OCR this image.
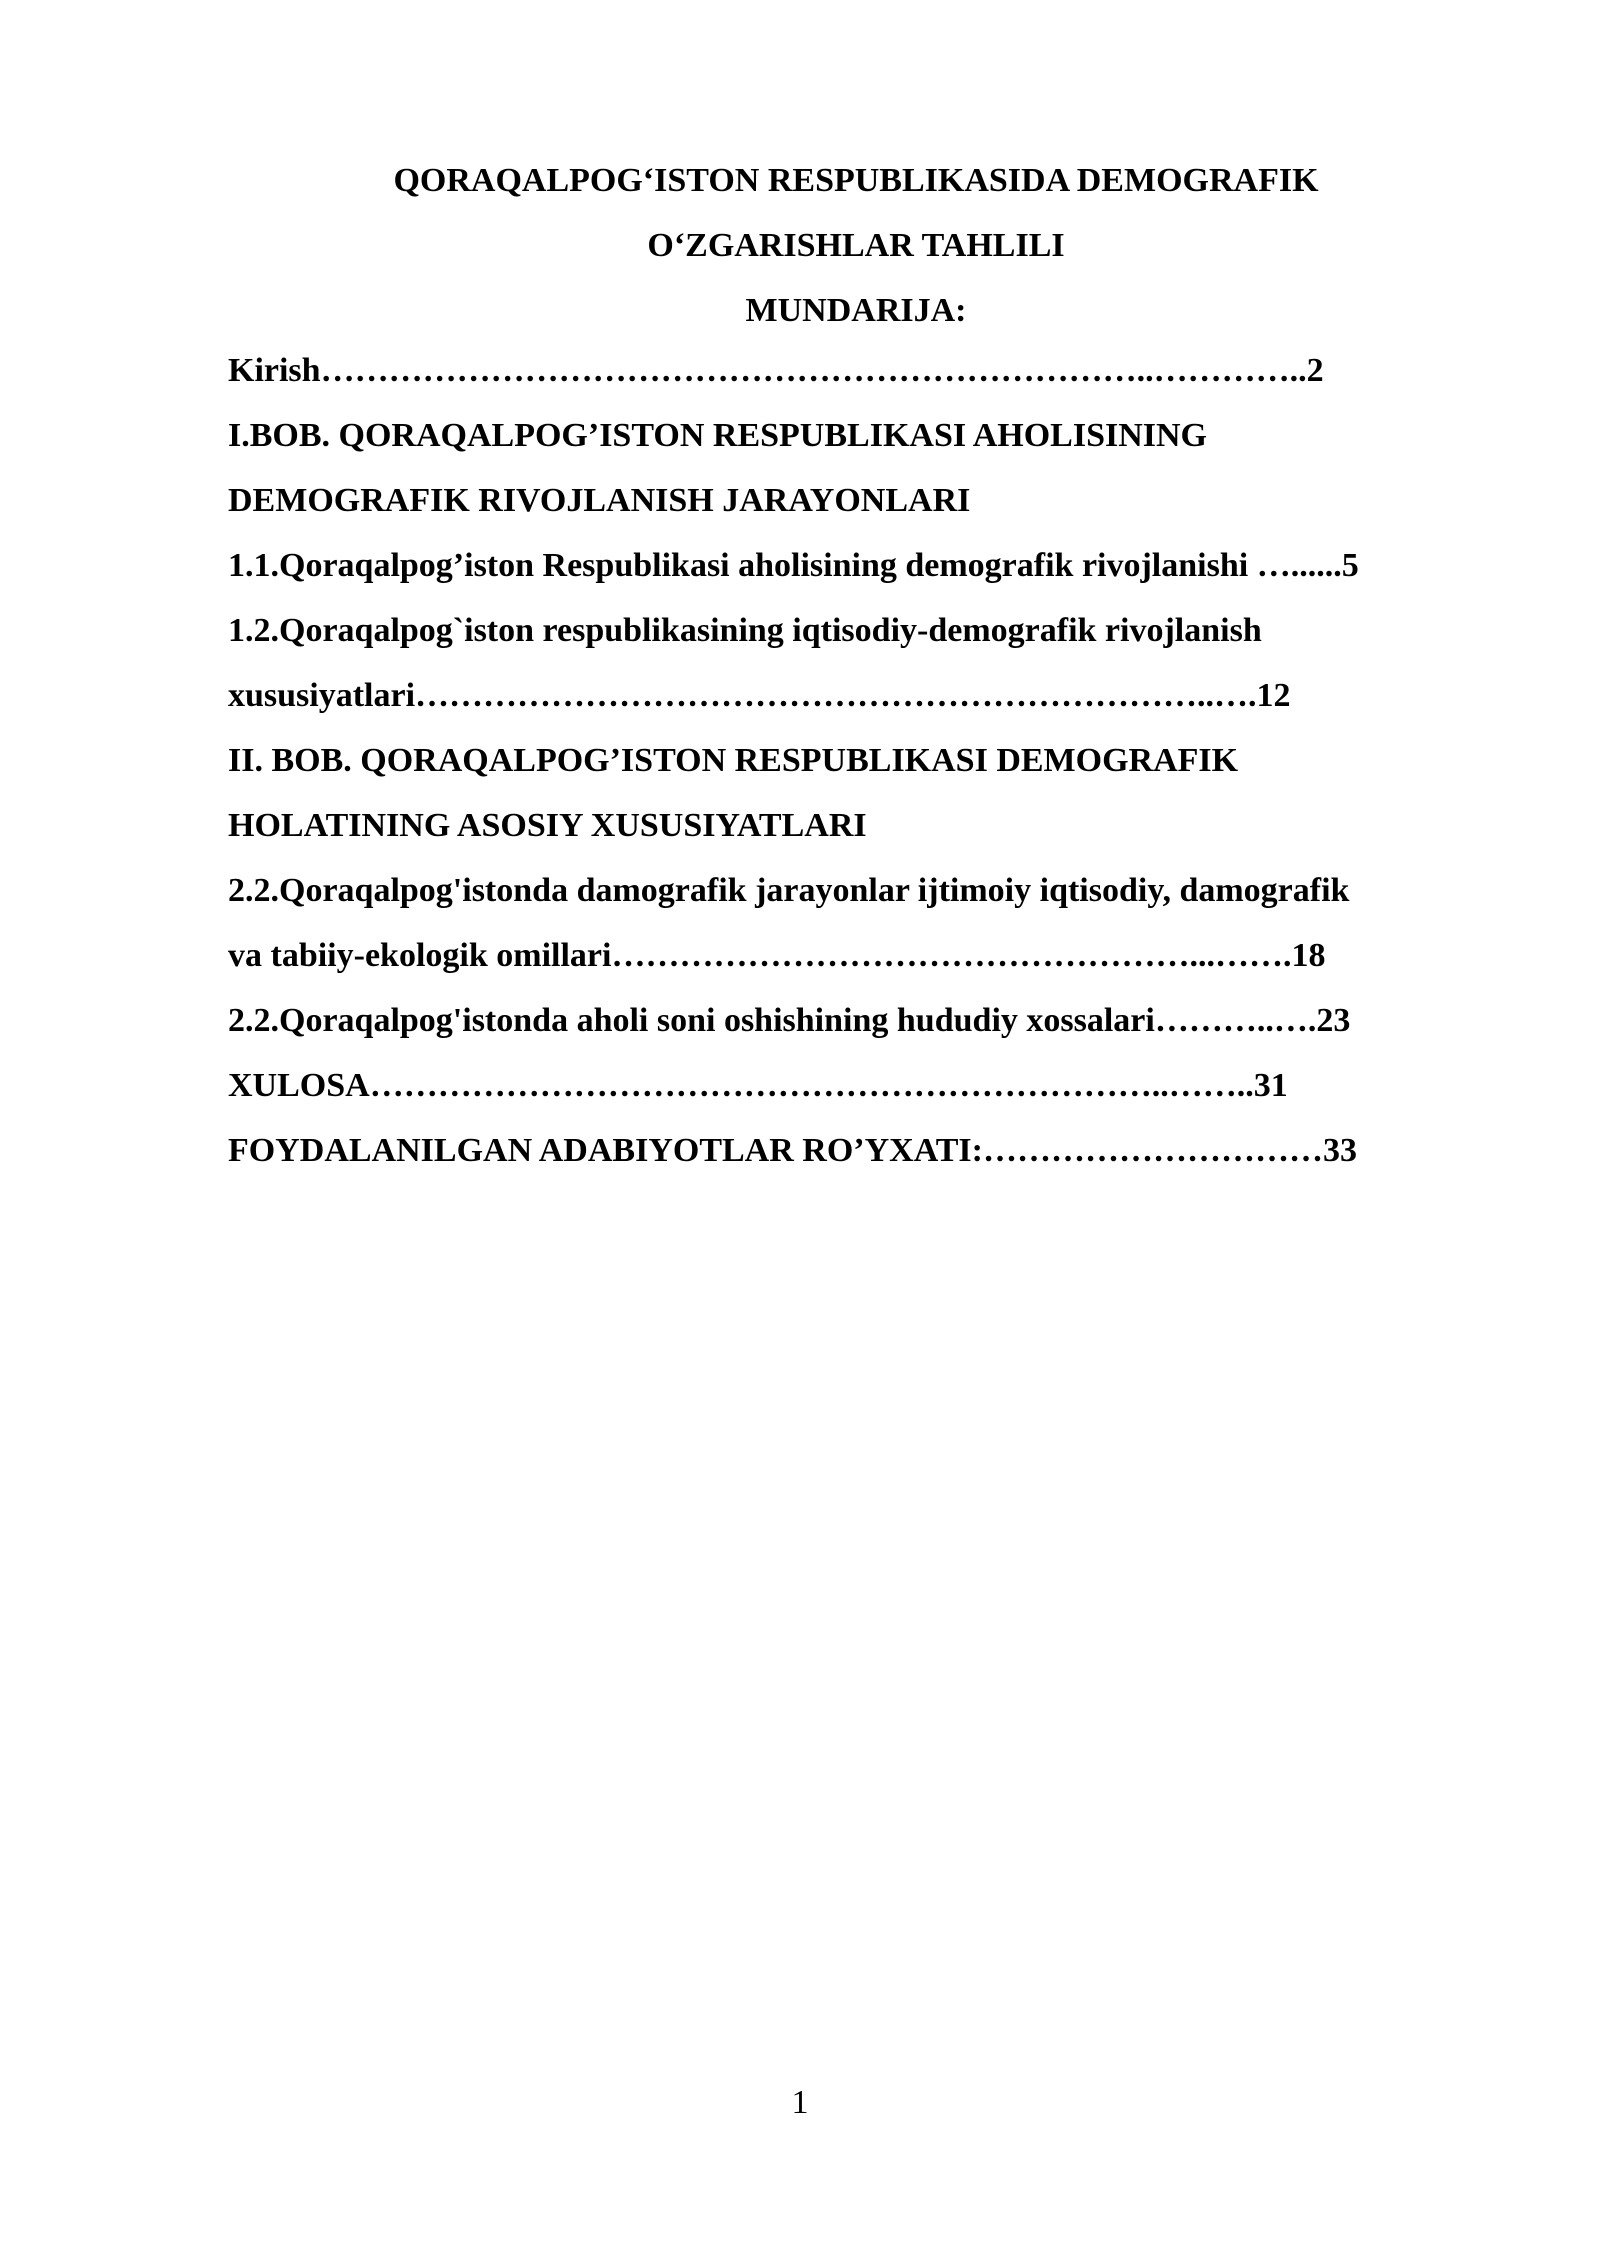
QORAQALPOG‘ISTON RESPUBLIKASIDA DEMOGRAFIK
O‘ZGARISHLAR TAHLILI
MUNDARIJA:
Kirish………………………………………………………………..…………..2
I.BOB. QORAQALPOG’ISTON RESPUBLIKASI AHOLISINING
DEMOGRAFIK RIVOJLANISH JARAYONLARI
1.1.Qoraqalpog’iston Respublikasi aholisining demografik rivojlanishi …......5
1.2.Qoraqalpog`iston respublikasining iqtisodiy-demografik rivojlanish
xususiyatlari……………………………………………………………..….12
II. BOB. QORAQALPOG’ISTON RESPUBLIKASI DEMOGRAFIK
HOLATINING ASOSIY XUSUSIYATLARI
2.2.Qoraqalpog'istonda damografik jarayonlar ijtimoiy iqtisodiy, damografik
va tabiiy-ekologik omillari……………………………………………...…….18
2.2.Qoraqalpog'istonda aholi soni oshishining hududiy xossalari………..….23
XULOSA……………………………………………………………..……..31
FOYDALANILGAN ADABIYOTLAR RO’YXATI:…………………………33
1
